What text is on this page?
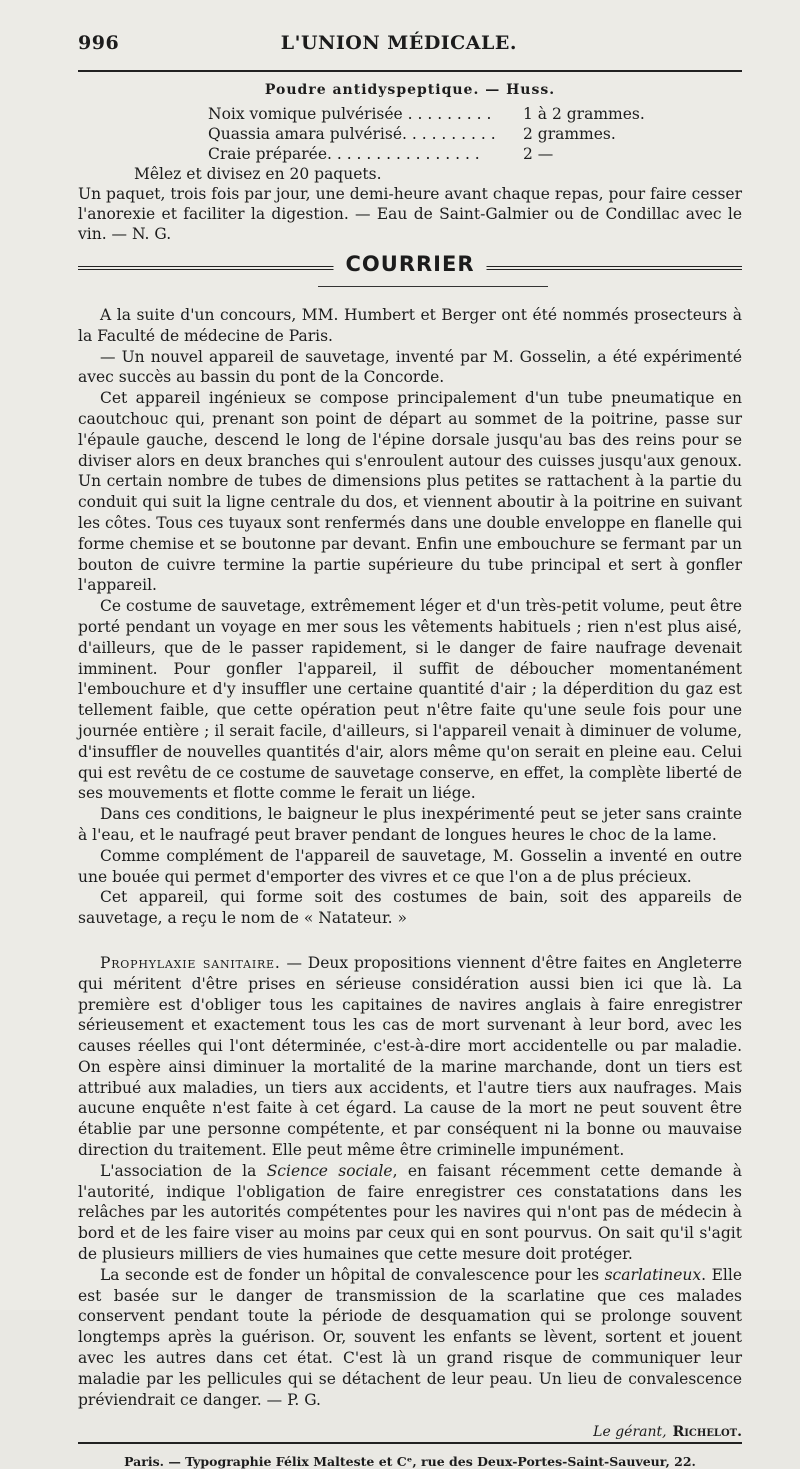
996	L'UNION MÉDICALE.
Poudre antidyspeptique. — Huss.
Noix vomique pulvérisée . . . . . . . . .	1 à 2 grammes.
Quassia amara pulvérisé. . . . . . . . . .	2 grammes.
Craie préparée. . . . . . . . . . . . . . . .	2 —
Mêlez et divisez en 20 paquets.
Un paquet, trois fois par jour, une demi-heure avant chaque repas, pour faire cesser l'anorexie et faciliter la digestion. — Eau de Saint-Galmier ou de Condillac avec le vin. — N. G.
COURRIER

A la suite d'un concours, MM. Humbert et Berger ont été nommés prosecteurs à la Faculté de médecine de Paris.

— Un nouvel appareil de sauvetage, inventé par M. Gosselin, a été expérimenté avec succès au bassin du pont de la Concorde.

Cet appareil ingénieux se compose principalement d'un tube pneumatique en caoutchouc qui, prenant son point de départ au sommet de la poitrine, passe sur l'épaule gauche, descend le long de l'épine dorsale jusqu'au bas des reins pour se diviser alors en deux branches qui s'enroulent autour des cuisses jusqu'aux genoux. Un certain nombre de tubes de dimensions plus petites se rattachent à la partie du conduit qui suit la ligne centrale du dos, et viennent aboutir à la poitrine en suivant les côtes. Tous ces tuyaux sont renfermés dans une double enveloppe en flanelle qui forme chemise et se boutonne par devant. Enfin une embouchure se fermant par un bouton de cuivre termine la partie supérieure du tube principal et sert à gonfler l'appareil.

Ce costume de sauvetage, extrêmement léger et d'un très-petit volume, peut être porté pendant un voyage en mer sous les vêtements habituels ; rien n'est plus aisé, d'ailleurs, que de le passer rapidement, si le danger de faire naufrage devenait imminent. Pour gonfler l'appareil, il suffit de déboucher momentanément l'embouchure et d'y insuffler une certaine quantité d'air ; la déperdition du gaz est tellement faible, que cette opération peut n'être faite qu'une seule fois pour une journée entière ; il serait facile, d'ailleurs, si l'appareil venait à diminuer de volume, d'insuffler de nouvelles quantités d'air, alors même qu'on serait en pleine eau. Celui qui est revêtu de ce costume de sauvetage conserve, en effet, la complète liberté de ses mouvements et flotte comme le ferait un liége.

Dans ces conditions, le baigneur le plus inexpérimenté peut se jeter sans crainte à l'eau, et le naufragé peut braver pendant de longues heures le choc de la lame.

Comme complément de l'appareil de sauvetage, M. Gosselin a inventé en outre une bouée qui permet d'emporter des vivres et ce que l'on a de plus précieux.

Cet appareil, qui forme soit des costumes de bain, soit des appareils de sauvetage, a reçu le nom de « Natateur. »

Prophylaxie sanitaire. — Deux propositions viennent d'être faites en Angleterre qui méritent d'être prises en sérieuse considération aussi bien ici que là. La première est d'obliger tous les capitaines de navires anglais à faire enregistrer sérieusement et exactement tous les cas de mort survenant à leur bord, avec les causes réelles qui l'ont déterminée, c'est-à-dire mort accidentelle ou par maladie. On espère ainsi diminuer la mortalité de la marine marchande, dont un tiers est attribué aux maladies, un tiers aux accidents, et l'autre tiers aux naufrages. Mais aucune enquête n'est faite à cet égard. La cause de la mort ne peut souvent être établie par une personne compétente, et par conséquent ni la bonne ou mauvaise direction du traitement. Elle peut même être criminelle impunément.

L'association de la Science sociale, en faisant récemment cette demande à l'autorité, indique l'obligation de faire enregistrer ces constatations dans les relâches par les autorités compétentes pour les navires qui n'ont pas de médecin à bord et de les faire viser au moins par ceux qui en sont pourvus. On sait qu'il s'agit de plusieurs milliers de vies humaines que cette mesure doit protéger.

La seconde est de fonder un hôpital de convalescence pour les scarlatineux. Elle est basée sur le danger de transmission de la scarlatine que ces malades conservent pendant toute la période de desquamation qui se prolonge souvent longtemps après la guérison. Or, souvent les enfants se lèvent, sortent et jouent avec les autres dans cet état. C'est là un grand risque de communiquer leur maladie par les pellicules qui se détachent de leur peau. Un lieu de convalescence préviendrait ce danger. — P. G.

Le gérant, Richelot.
Paris. — Typographie Félix Malteste et Cᵉ, rue des Deux-Portes-Saint-Sauveur, 22.
